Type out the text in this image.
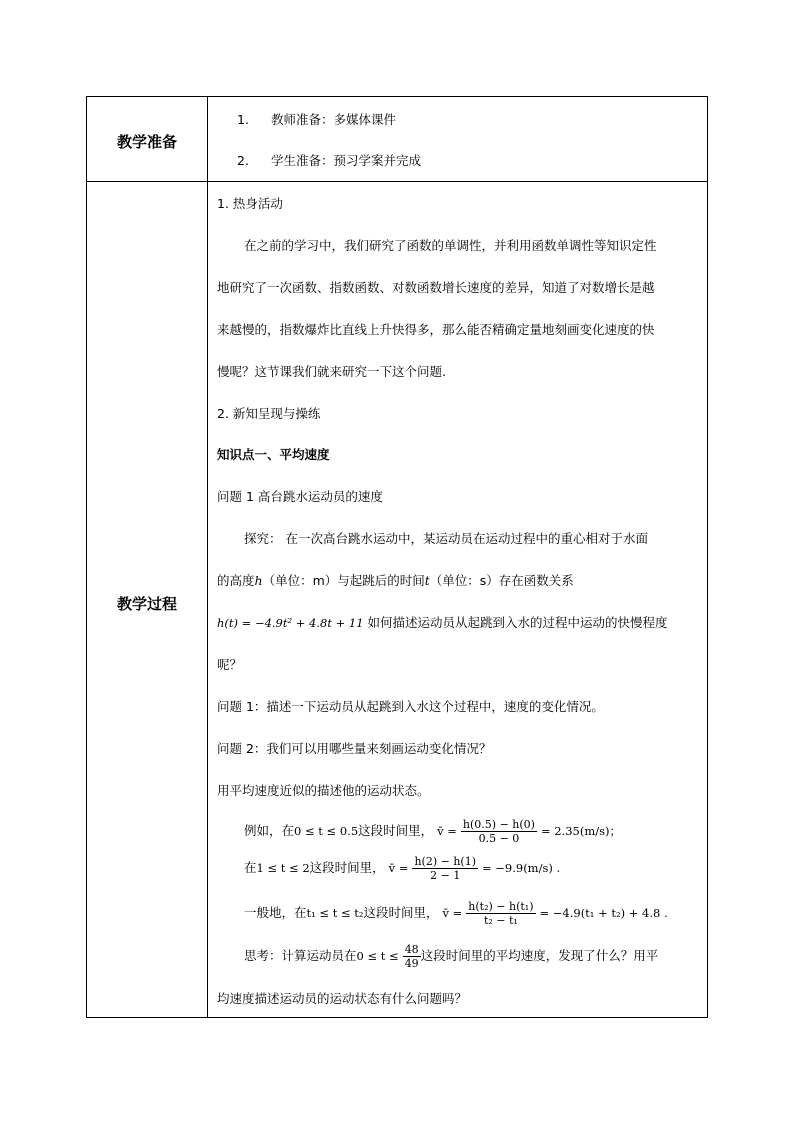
教学准备
1. 教师准备：多媒体课件
2. 学生准备：预习学案并完成
教学过程
1. 热身活动
在之前的学习中，我们研究了函数的单调性，并利用函数单调性等知识定性
地研究了一次函数、指数函数、对数函数增长速度的差异，知道了对数增长是越
来越慢的，指数爆炸比直线上升快得多，那么能否精确定量地刻画变化速度的快
慢呢？这节课我们就来研究一下这个问题.
2. 新知呈现与操练
知识点一、平均速度
问题 1 高台跳水运动员的速度
探究： 在一次高台跳水运动中，某运动员在运动过程中的重心相对于水面
的高度h（单位：m）与起跳后的时间t（单位：s）存在函数关系
h(t) = −4.9t² + 4.8t + 11 如何描述运动员从起跳到入水的过程中运动的快慢程度
呢？
问题 1：描述一下运动员从起跳到入水这个过程中，速度的变化情况。
问题 2：我们可以用哪些量来刻画运动变化情况？
用平均速度近似的描述他的运动状态。
例如，在0 ≤ t ≤ 0.5这段时间里， v̄ = $\frac{h(0.5) - h(0)}{0.5 - 0} = 2.35(m/s)$；
在1 ≤ t ≤ 2这段时间里， v̄ = $\frac{h(2) - h(1)}{2 - 1} = -9.9(m/s)$ .
一般地，在t₁ ≤ t ≤ t₂这段时间里， v̄ = $\frac{\text{h(t₂) − h(t₁)}}{\text{t₂ − t₁}} = -4.9(t_1 + t_2) + 4.8$ .
思考：计算运动员在$0 \le t \le \frac{48}{49}$ 这段时间里的平均速度，发现了什么？用平
均速度描述运动员的运动状态有什么问题吗？
